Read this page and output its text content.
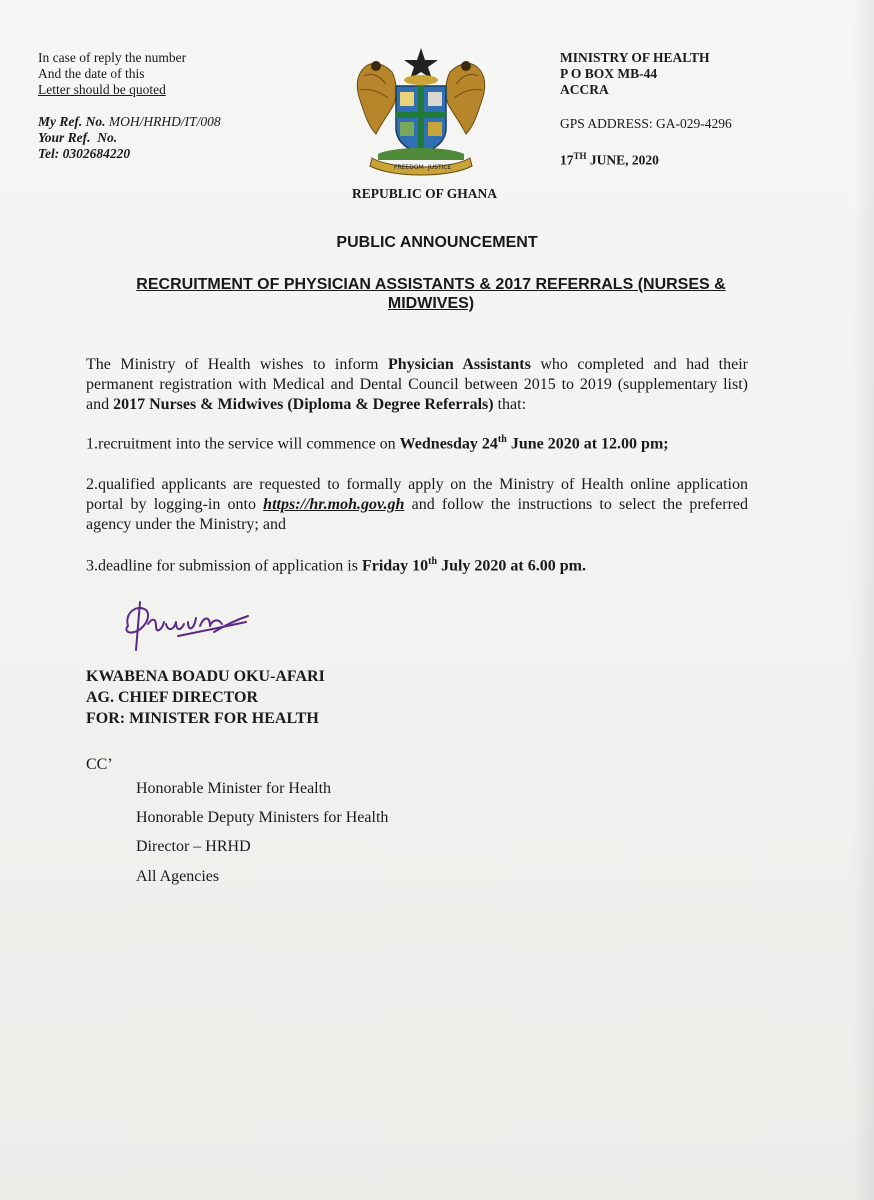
In case of reply the number
And the date of this
Letter should be quoted
My Ref. No. MOH/HRHD/IT/008
Your Ref. No.
Tel: 0302684220
FREEDOM JUSTICE
MINISTRY OF HEALTH
P O BOX MB-44
ACCRA
GPS ADDRESS: GA-029-4296
17TH JUNE, 2020
REPUBLIC OF GHANA
PUBLIC ANNOUNCEMENT
RECRUITMENT OF PHYSICIAN ASSISTANTS & 2017 REFERRALS (NURSES &
MIDWIVES)
The Ministry of Health wishes to inform Physician Assistants who completed and had their permanent registration with Medical and Dental Council between 2015 to 2019 (supplementary list) and 2017 Nurses & Midwives (Diploma & Degree Referrals) that:
1.recruitment into the service will commence on Wednesday 24th June 2020 at 12.00 pm;
2.qualified applicants are requested to formally apply on the Ministry of Health online application portal by logging-in onto https://hr.moh.gov.gh and follow the instructions to select the preferred agency under the Ministry; and
3.deadline for submission of application is Friday 10th July 2020 at 6.00 pm.
KWABENA BOADU OKU-AFARI
AG. CHIEF DIRECTOR
FOR: MINISTER FOR HEALTH
CC’
Honorable Minister for Health
Honorable Deputy Ministers for Health
Director – HRHD
All Agencies
